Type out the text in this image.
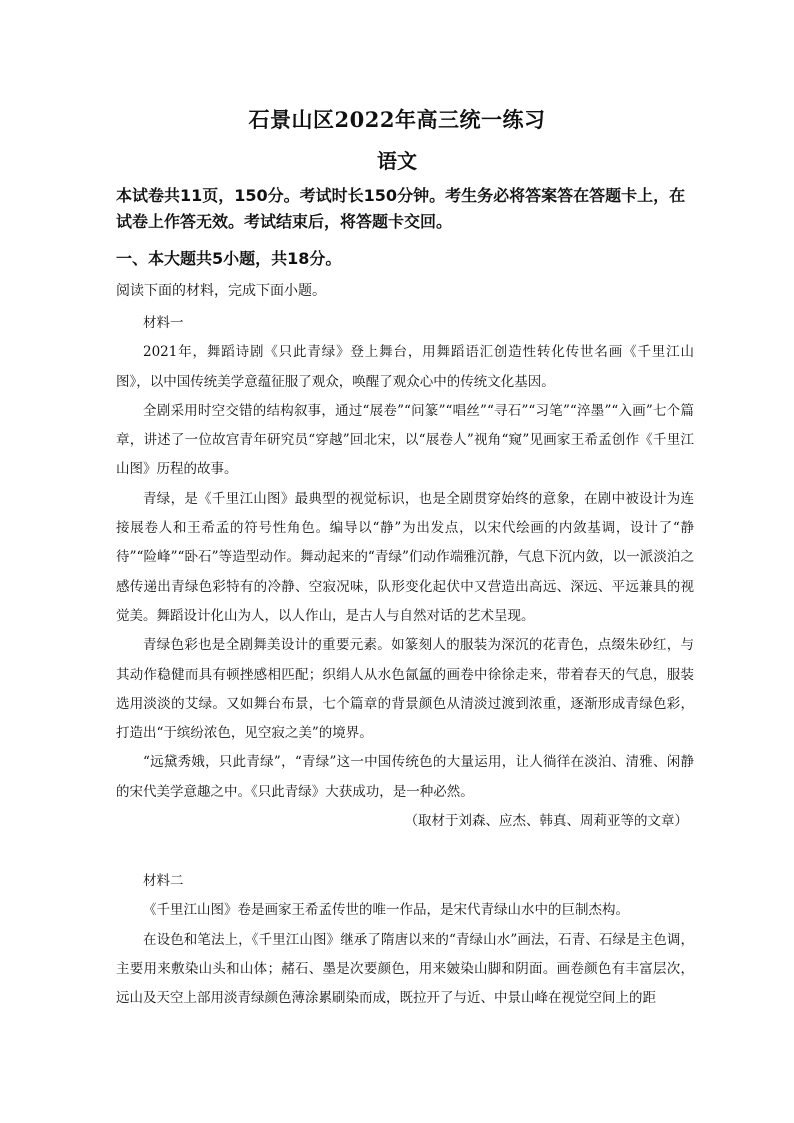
石景山区2022年高三统一练习
语文
本试卷共11页，150分。考试时长150分钟。考生务必将答案答在答题卡上，在试卷上作答无效。考试结束后，将答题卡交回。
一、本大题共5小题，共18分。
阅读下面的材料，完成下面小题。

材料一

2021年，舞蹈诗剧《只此青绿》登上舞台，用舞蹈语汇创造性转化传世名画《千里江山图》，以中国传统美学意蕴征服了观众，唤醒了观众心中的传统文化基因。

全剧采用时空交错的结构叙事，通过“展卷”“问篆”“唱丝”“寻石”“习笔”“淬墨”“入画”七个篇章，讲述了一位故宫青年研究员“穿越”回北宋，以“展卷人”视角“窥”见画家王希孟创作《千里江山图》历程的故事。

青绿，是《千里江山图》最典型的视觉标识，也是全剧贯穿始终的意象，在剧中被设计为连接展卷人和王希孟的符号性角色。编导以“静”为出发点，以宋代绘画的内敛基调，设计了“静待”“险峰”“卧石”等造型动作。舞动起来的“青绿”们动作端雅沉静，气息下沉内敛，以一派淡泊之感传递出青绿色彩特有的冷静、空寂况味，队形变化起伏中又营造出高远、深远、平远兼具的视觉美。舞蹈设计化山为人，以人作山，是古人与自然对话的艺术呈现。

青绿色彩也是全剧舞美设计的重要元素。如篆刻人的服装为深沉的花青色，点缀朱砂红，与其动作稳健而具有顿挫感相匹配；织绢人从水色氤氲的画卷中徐徐走来，带着春天的气息，服装选用淡淡的艾绿。又如舞台布景，七个篇章的背景颜色从清淡过渡到浓重，逐渐形成青绿色彩，打造出“于缤纷浓色，见空寂之美”的境界。

“远黛秀娥，只此青绿”，“青绿”这一中国传统色的大量运用，让人徜徉在淡泊、清雅、闲静的宋代美学意趣之中。《只此青绿》大获成功，是一种必然。

（取材于刘森、应杰、韩真、周莉亚等的文章）

材料二

《千里江山图》卷是画家王希孟传世的唯一作品，是宋代青绿山水中的巨制杰构。

在设色和笔法上，《千里江山图》继承了隋唐以来的“青绿山水”画法，石青、石绿是主色调，主要用来敷染山头和山体；赭石、墨是次要颜色，用来皴染山脚和阴面。画卷颜色有丰富层次，远山及天空上部用淡青绿颜色薄涂累刷染而成，既拉开了与近、中景山峰在视觉空间上的距
